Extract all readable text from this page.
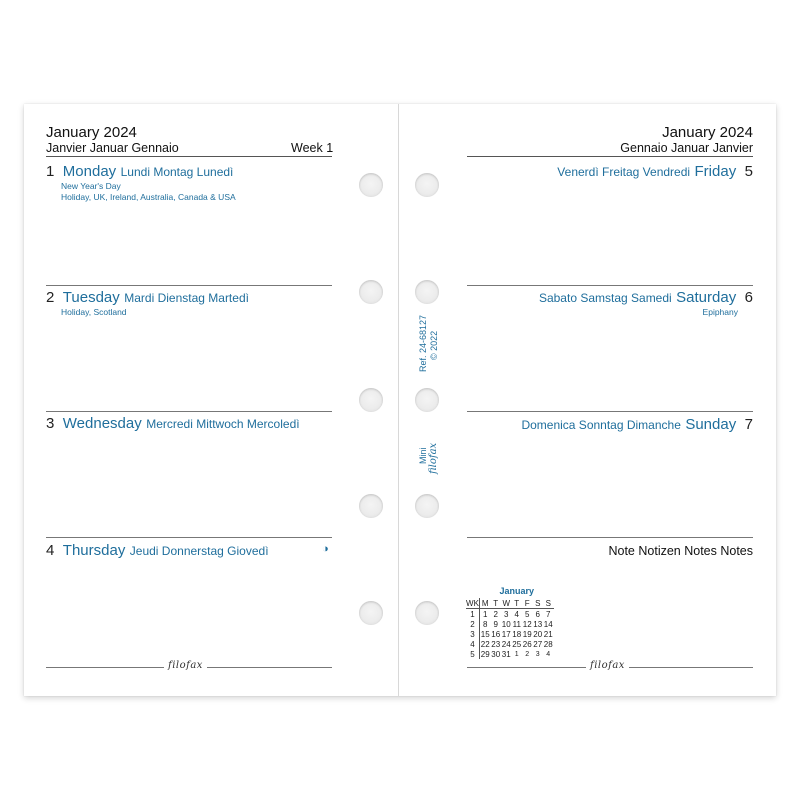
January 2024
Janvier Januar Gennaio	Week 1
1 Monday Lundi Montag Lunedì
New Year's Day
Holiday, UK, Ireland, Australia, Canada & USA
2 Tuesday Mardi Dienstag Martedì
Holiday, Scotland
3 Wednesday Mercredi Mittwoch Mercoledì
4 Thursday Jeudi Donnerstag Giovedì	◑
filofax
Ref. 24-68127 © 2022
Mini filofax
January 2024
Gennaio Januar Janvier
Venerdì Freitag Vendredi Friday 5
Sabato Samstag Samedi Saturday 6
Epiphany
Domenica Sonntag Dimanche Sunday 7
Note Notizen Notes Notes
January
WK	M	T	W	T	F	S	S
1	1	2	3	4	5	6	7
2	8	9	10	11	12	13	14
3	15	16	17	18	19	20	21
4	22	23	24	25	26	27	28
5	29	30	31	1	2	3	4
filofax
